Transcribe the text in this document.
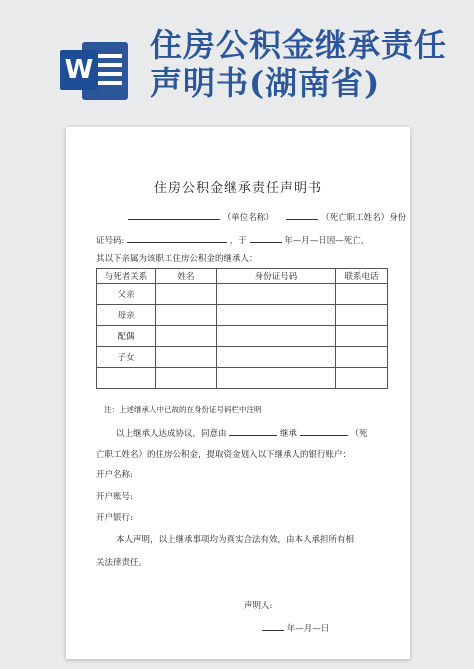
W
住房公积金继承责任声明书(湖南省)
住房公积金继承责任声明书
（单位名称）	（死亡职工姓名）身份
证号码:	，于	年—月—日因—死亡，
其以下亲属为该职工住房公积金的继承人：
与死者关系	姓名	身份证号码	联系电话
父亲			
母亲			
配偶			
子女			

注：上述继承人中已故的在身份证号码栏中注明
以上继承人达成协议，同意由	继承	（死
亡职工姓名）的住房公积金，提取资金划入以下继承人的银行账户：
开户名称:
开户账号:
开户银行:
本人声明，以上继承事项均为真实合法有效，由本人承担所有相
关法律责任。
声明人:
年—月—日
